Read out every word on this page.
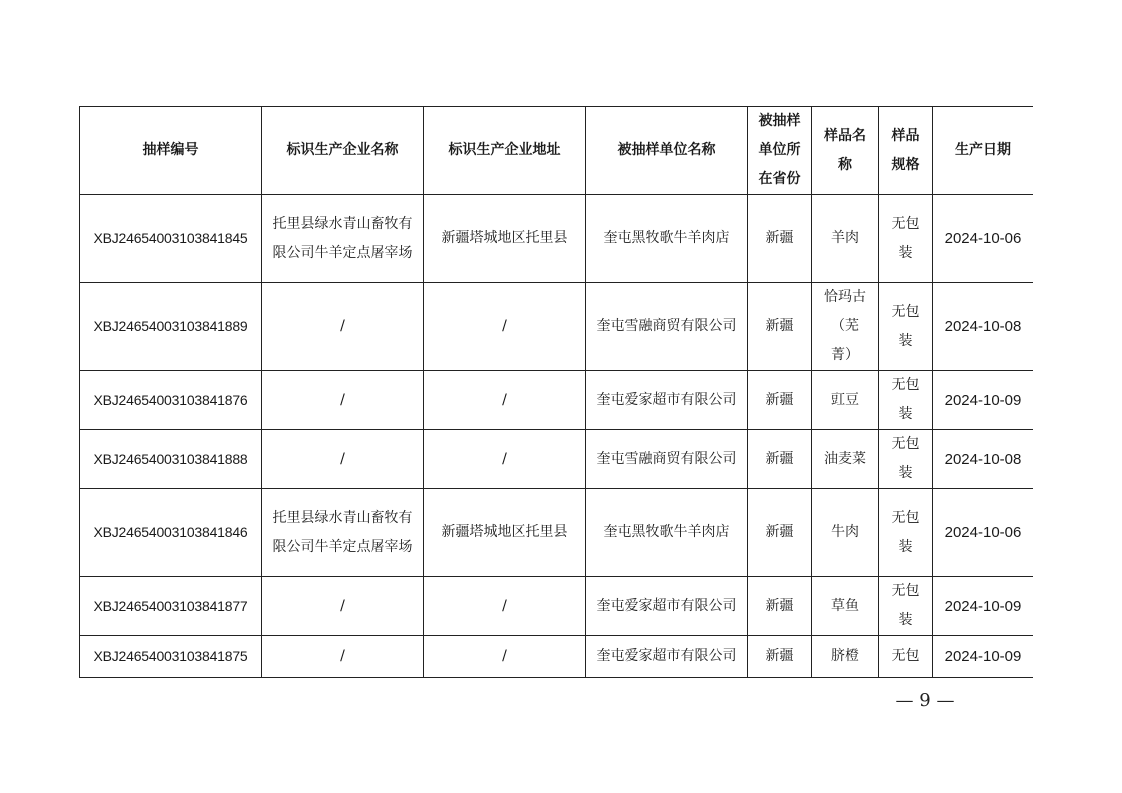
抽样编号	标识生产企业名称	标识生产企业地址	被抽样单位名称	被抽样单位所在省份	样品名称	样品规格	生产日期
XBJ24654003103841845	托里县绿水青山畜牧有限公司牛羊定点屠宰场	新疆塔城地区托里县	奎屯黑牧歌牛羊肉店	新疆	羊肉	无包装	2024-10-06
XBJ24654003103841889	/	/	奎屯雪融商贸有限公司	新疆	恰玛古（芜菁）	无包装	2024-10-08
XBJ24654003103841876	/	/	奎屯爱家超市有限公司	新疆	豇豆	无包装	2024-10-09
XBJ24654003103841888	/	/	奎屯雪融商贸有限公司	新疆	油麦菜	无包装	2024-10-08
XBJ24654003103841846	托里县绿水青山畜牧有限公司牛羊定点屠宰场	新疆塔城地区托里县	奎屯黑牧歌牛羊肉店	新疆	牛肉	无包装	2024-10-06
XBJ24654003103841877	/	/	奎屯爱家超市有限公司	新疆	草鱼	无包装	2024-10-09
XBJ24654003103841875	/	/	奎屯爱家超市有限公司	新疆	脐橙	无包	2024-10-09
— 9 —
